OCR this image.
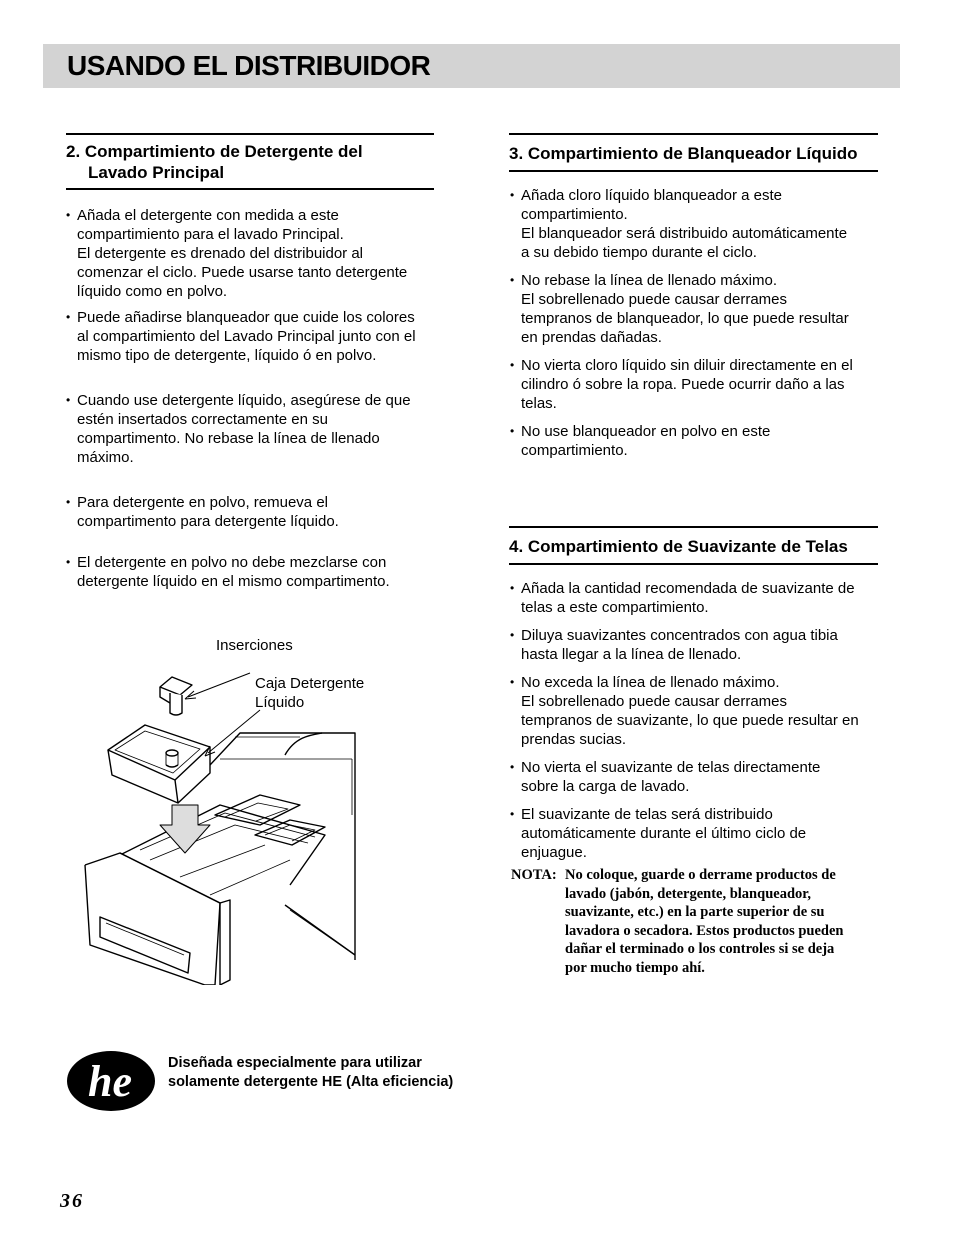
USANDO EL DISTRIBUIDOR
2. Compartimiento de Detergente del
Lavado Principal
• Añada el detergente con medida a este
compartimiento para el lavado Principal.
El detergente es drenado del distribuidor al
comenzar el ciclo. Puede usarse tanto detergente
líquido como en polvo.
• Puede añadirse blanqueador que cuide los colores
al compartimiento del Lavado Principal junto con el
mismo tipo de detergente, líquido ó en polvo.
• Cuando use detergente líquido, asegúrese de que
estén insertados correctamente en su
compartimento. No rebase la línea de llenado
máximo.
• Para detergente en polvo, remueva el
compartimento para detergente líquido.
• El detergente en polvo no debe mezclarse con
detergente líquido en el mismo compartimento.
Inserciones
Caja Detergente
Líquido
3. Compartimiento de Blanqueador Líquido
• Añada cloro líquido blanqueador a este
compartimiento.
El blanqueador será distribuido automáticamente
a su debido tiempo durante el ciclo.
• No rebase la línea de llenado máximo.
El sobrellenado puede causar derrames
tempranos de blanqueador, lo que puede resultar
en prendas dañadas.
• No vierta cloro líquido sin diluir directamente en el
cilindro ó sobre la ropa. Puede ocurrir daño a las
telas.
• No use blanqueador en polvo en este
compartimiento.
4. Compartimiento de Suavizante de Telas
• Añada la cantidad recomendada de suavizante de
telas a este compartimiento.
• Diluya suavizantes concentrados con agua tibia
hasta llegar a la línea de llenado.
• No exceda la línea de llenado máximo.
El sobrellenado puede causar derrames
tempranos de suavizante, lo que puede resultar en
prendas sucias.
• No vierta el suavizante de telas directamente
sobre la carga de lavado.
• El suavizante de telas será distribuido
automáticamente durante el último ciclo de
enjuague.
NOTA: No coloque, guarde o derrame productos de
lavado (jabón, detergente, blanqueador,
suavizante, etc.) en la parte superior de su
lavadora o secadora. Estos productos pueden
dañar el terminado o los controles si se deja
por mucho tiempo ahí.
he Diseñada especialmente para utilizar
solamente detergente HE (Alta eficiencia)
36
